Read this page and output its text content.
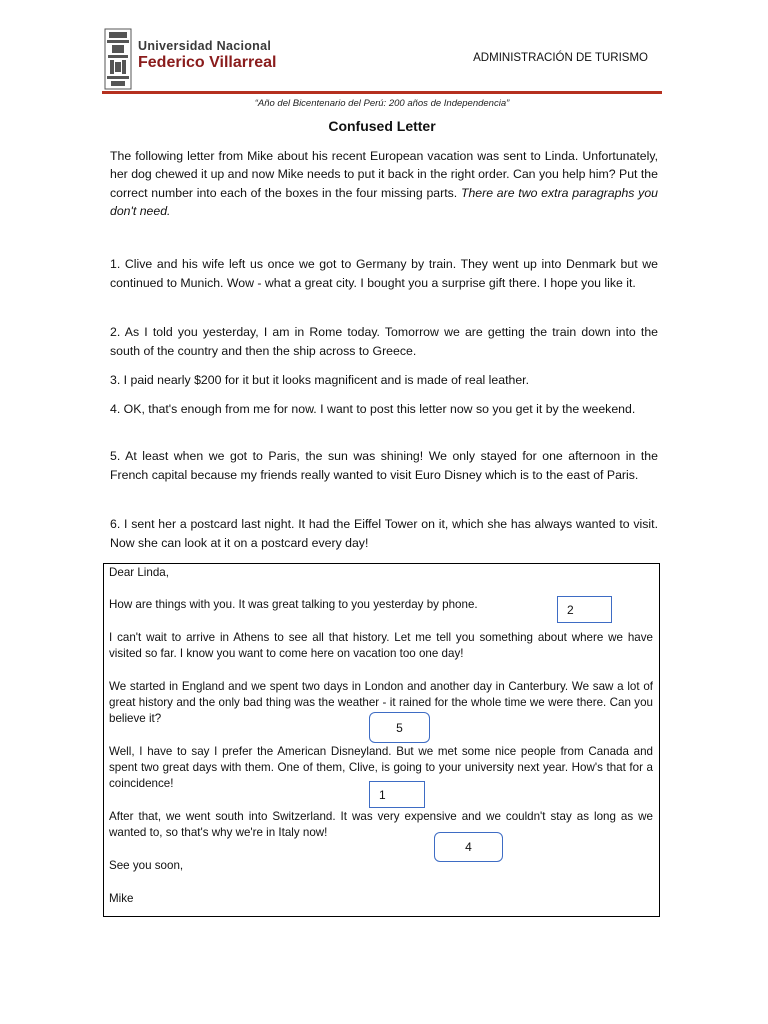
Universidad Nacional
Federico Villarreal	ADMINISTRACIÓN DE TURISMO
“Año del Bicentenario del Perú: 200 años de Independencia”
Confused Letter
The following letter from Mike about his recent European vacation was sent to Linda. Unfortunately, her dog chewed it up and now Mike needs to put it back in the right order. Can you help him? Put the correct number into each of the boxes in the four missing parts. There are two extra paragraphs you don't need.
1. Clive and his wife left us once we got to Germany by train. They went up into Denmark but we continued to Munich. Wow - what a great city. I bought you a surprise gift there. I hope you like it.
2. As I told you yesterday, I am in Rome today. Tomorrow we are getting the train down into the south of the country and then the ship across to Greece.
3. I paid nearly $200 for it but it looks magnificent and is made of real leather.
4. OK, that's enough from me for now. I want to post this letter now so you get it by the weekend.
5. At least when we got to Paris, the sun was shining! We only stayed for one afternoon in the French capital because my friends really wanted to visit Euro Disney which is to the east of Paris.
6. I sent her a postcard last night. It had the Eiffel Tower on it, which she has always wanted to visit. Now she can look at it on a postcard every day!
Dear Linda,
How are things with you. It was great talking to you yesterday by phone.
I can't wait to arrive in Athens to see all that history. Let me tell you something about where we have visited so far. I know you want to come here on vacation too one day!
We started in England and we spent two days in London and another day in Canterbury. We saw a lot of great history and the only bad thing was the weather - it rained for the whole time we were there. Can you believe it?
Well, I have to say I prefer the American Disneyland. But we met some nice people from Canada and spent two great days with them. One of them, Clive, is going to your university next year. How's that for a coincidence!
After that, we went south into Switzerland. It was very expensive and we couldn't stay as long as we wanted to, so that's why we're in Italy now!
See you soon,
Mike
2
5
1
4
